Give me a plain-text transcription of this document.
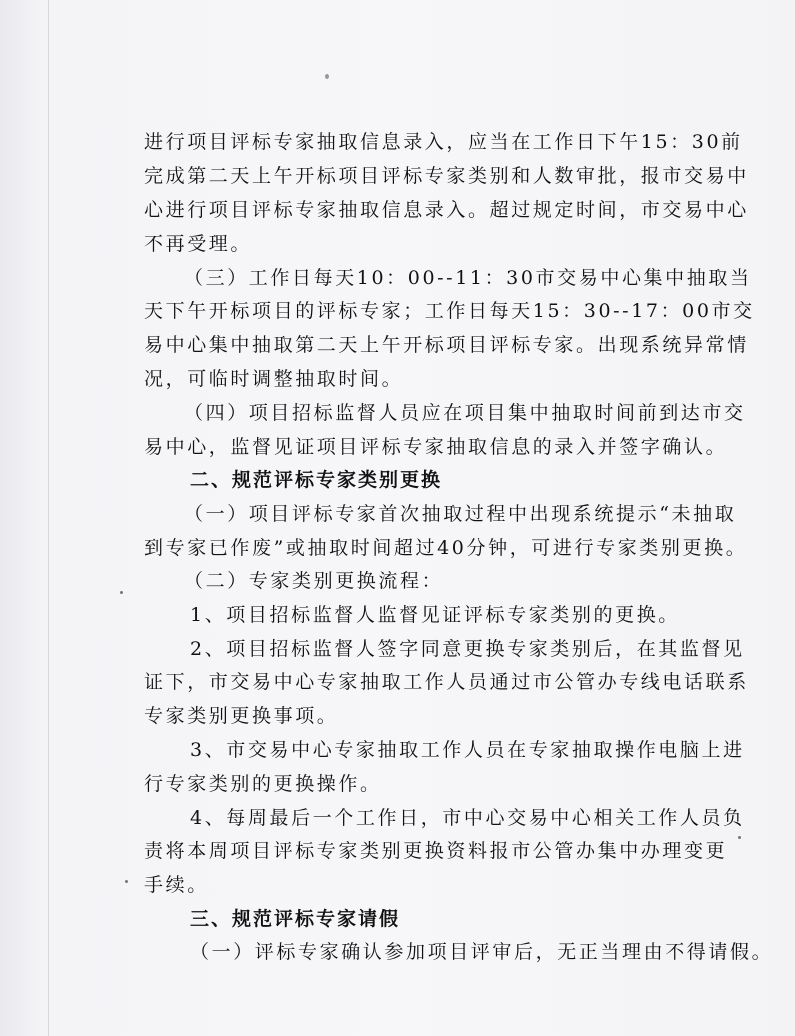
进行项目评标专家抽取信息录入，应当在工作日下午15：30前
完成第二天上午开标项目评标专家类别和人数审批，报市交易中
心进行项目评标专家抽取信息录入。超过规定时间，市交易中心
不再受理。
（三）工作日每天10：00--11：30市交易中心集中抽取当
天下午开标项目的评标专家；工作日每天15：30--17：00市交
易中心集中抽取第二天上午开标项目评标专家。出现系统异常情
况，可临时调整抽取时间。
（四）项目招标监督人员应在项目集中抽取时间前到达市交
易中心，监督见证项目评标专家抽取信息的录入并签字确认。
二、规范评标专家类别更换
（一）项目评标专家首次抽取过程中出现系统提示“未抽取
到专家已作废”或抽取时间超过40分钟，可进行专家类别更换。
（二）专家类别更换流程：
1、项目招标监督人监督见证评标专家类别的更换。
2、项目招标监督人签字同意更换专家类别后，在其监督见
证下，市交易中心专家抽取工作人员通过市公管办专线电话联系
专家类别更换事项。
3、市交易中心专家抽取工作人员在专家抽取操作电脑上进
行专家类别的更换操作。
4、每周最后一个工作日，市中心交易中心相关工作人员负
责将本周项目评标专家类别更换资料报市公管办集中办理变更
手续。
三、规范评标专家请假
（一）评标专家确认参加项目评审后，无正当理由不得请假。
